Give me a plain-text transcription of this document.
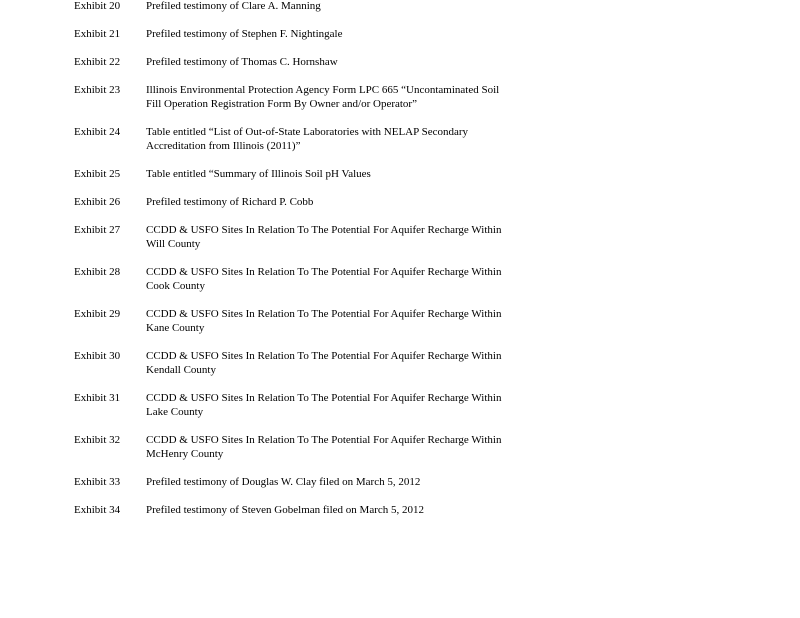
Exhibit 20	Prefiled testimony of Clare A. Manning
Exhibit 21	Prefiled testimony of Stephen F. Nightingale
Exhibit 22	Prefiled testimony of Thomas C. Hornshaw
Exhibit 23	Illinois Environmental Protection Agency Form LPC 665 “Uncontaminated Soil
Fill Operation Registration Form By Owner and/or Operator”
Exhibit 24	Table entitled “List of Out-of-State Laboratories with NELAP Secondary
Accreditation from Illinois (2011)”
Exhibit 25	Table entitled “Summary of Illinois Soil pH Values
Exhibit 26	Prefiled testimony of Richard P. Cobb
Exhibit 27	CCDD & USFO Sites In Relation To The Potential For Aquifer Recharge Within
Will County
Exhibit 28	CCDD & USFO Sites In Relation To The Potential For Aquifer Recharge Within
Cook County
Exhibit 29	CCDD & USFO Sites In Relation To The Potential For Aquifer Recharge Within
Kane County
Exhibit 30	CCDD & USFO Sites In Relation To The Potential For Aquifer Recharge Within
Kendall County
Exhibit 31	CCDD & USFO Sites In Relation To The Potential For Aquifer Recharge Within
Lake County
Exhibit 32	CCDD & USFO Sites In Relation To The Potential For Aquifer Recharge Within
McHenry County
Exhibit 33	Prefiled testimony of Douglas W. Clay filed on March 5, 2012
Exhibit 34	Prefiled testimony of Steven Gobelman filed on March 5, 2012
